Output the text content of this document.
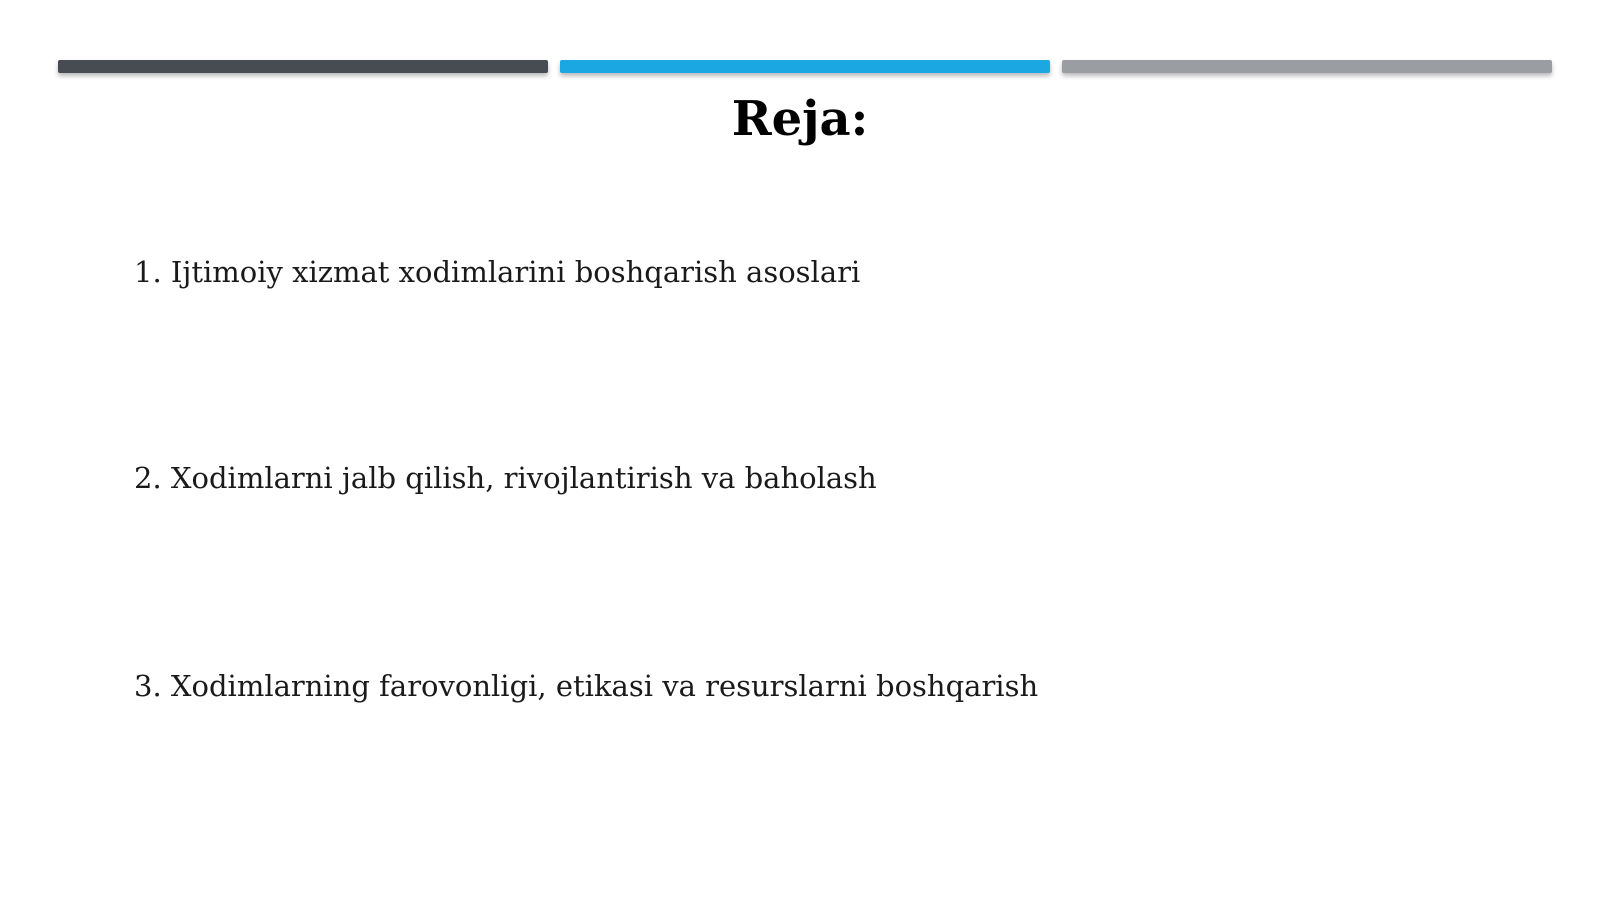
Reja:
1. Ijtimoiy xizmat xodimlarini boshqarish asoslari
2. Xodimlarni jalb qilish, rivojlantirish va baholash
3. Xodimlarning farovonligi, etikasi va resurslarni boshqarish
